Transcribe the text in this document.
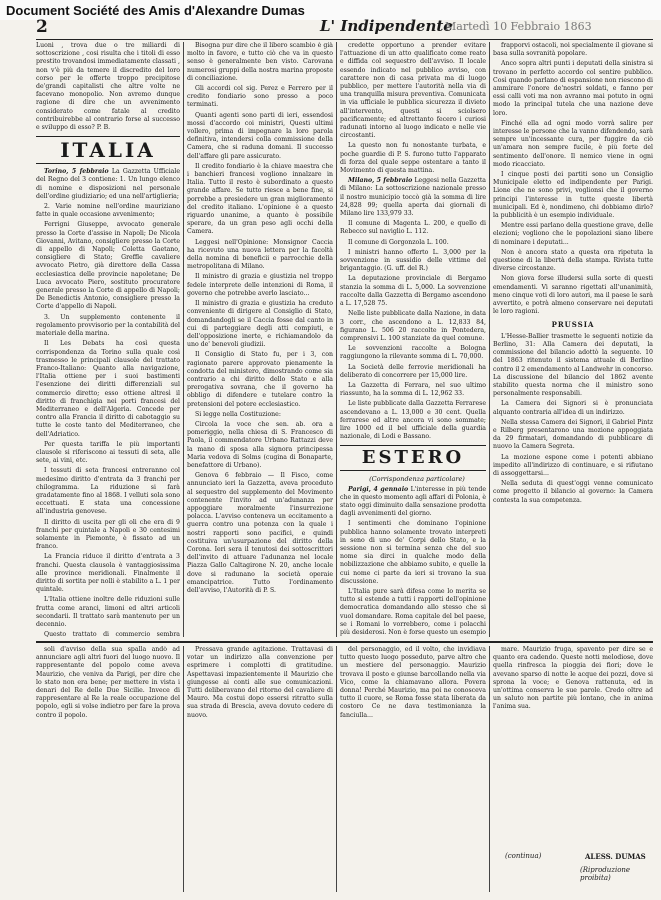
Document Société des Amis d'Alexandre Dumas
2	L' Indipendente
Martedì 10 Febbraio 1863

Luoni , trova due o tre miliardi di sottoscrizione , cosi risulta che i titoli di esso prestito trovandosi immediatamente classati , non v'è più da temere il discredito del loro corso per le offerte troppo precipitose de'grandi capitalisti che altre volte ne facevano monopolio. Non avremo dunque ragione di dire che un avvenimento considerato come fatale al credito contribuirebbe al contrario forse al successo e sviluppo di esso? P. B.

ITALIA

Torino, 5 febbraio La Gazzetta Ufficiale del Regno del 3 contiene: 1. Un lungo elenco di nomine e disposizioni nel personale dell'ordine giudiziario; ed una nell'artiglieria;

2. Varie nomine nell'ordine mauriziano fatte in quale occasione avvenimento;

Ferrigni Giuseppe, avvocato generale presso la Corte d'assise in Napoli; De Nicola Giovanni, Avitano, consigliere presso la Corte di appello di Napoli; Coletta Gaetano, consigliere di Stato; Greffle cavaliere avvocato Pietro, già direttore della Cassa ecclesiastica delle provincie napoletane; De Luca avvocato Piero, sostituto procuratore generale presso la Corte di appello di Napoli; De Benedictis Antonio, consigliere presso la Corte d'appello di Napoli.

3. Un supplemento contenente il regolamento provvisorio per la contabilità del materiale della marina.

Il Les Debats ha così questa corrispondenza da Torino sulla quale così trasmesso le principali clausole del trattato Franco-Italiano: Quanto alla navigazione, l'Italia ottiene per i suoi bastimenti l'esenzione dei diritti differenziali sul commercio diretto; esso ottiene altresì il diritto di franchigia nei porti francesi del Mediterraneo e dell'Algeria. Concede per contro alla Francia il diritto di cabotaggio su tutte le coste tanto del Mediterraneo, che dell'Adriatico.

Per questa tariffa le più importanti clausole si riferiscono ai tessuti di seta, alle sete, ai vini, etc.

I tessuti di seta francesi entreranno col medesimo diritto d'entrata da 3 franchi per chilogramma. La riduzione si farà gradatamente fino al 1868. I velluti sola sono eccettuati. E stata una concessione all'industria genovese.

Il diritto di uscita per gli oli che era di 9 franchi per quintale a Napoli e 30 centesimi solamente in Piemonte, è fissato ad un franco.

La Francia riduce il diritto d'entrata a 3 franchi. Questa clausola è vantaggiosissima alle province meridionali. Finalmente il diritto di sortita per nolli è stabilito a L. 1 per quintale.

L'Italia ottiene inoltre delle riduzioni sulle frutta come aranci, limoni ed altri articoli secondarii. Il trattato sarà mantenuto per un decennio.

Questo trattato di commercio sembra

Bisogna pur dire che il libero scambio è già molto in favore, e tutto ciò che va in questo senso è generalmente ben visto. Carovana numerosi gruppi della nostra marina proposte di conciliazione.

Gli accordi col sig. Perez e Ferrero per il credito fondiario sono presso a poco terminati.

Quanti agenti sono parti di ieri, essendosi mossi d'accordo coi ministri, Questi ultimi vollero, prima di impegnare la loro parola definitiva, intendersi colla commissione della Camera, che si raduna domani. Il successo dell'affare gli pare assicurato.

Il credito fondiario è la chiave maestra che i banchieri francesi vogliono innalzare in Italia. Tutto il resto è subordinato a questo grande affare. Se tutto riesce a bene fine, si porrebbe a presiedere un gran miglioramento del credito italiano. L'opinione è a questo riguardo unanime, a quanto è possibile sperare, da un gran peso agli occhi della Camera.

Leggesi nell'Opinione: Monsignor Caccia ha ricevuto una nuova lettera per la facoltà della nomina di beneficii e parrocchie della metropolitana di Milano.

Il ministro di grazia e giustizia nel troppo fedele interprete delle intenzioni di Roma, il governo che potrebbe averlo lasciato...

Il ministro di grazia e giustizia ha creduto conveniente di dirigere al Consiglio di Stato, domandandogli se il Caccia fosse dal canto in cui di parteggiare degli atti compiuti, e dell'opposizione inerte, e richiamandolo da uno de' benevoli giudizii.

Il Consiglio di Stato fu, per i 3, con ragionato parere approvato pienamente la condotta del ministero, dimostrando come sia contrario a chi diritto dello Stato e alla prerogativa sovrana, che il governo ha obbligo di difendere e tutelare contro la pretensioni del potere ecclesiastico.

Si legge nella Costituzione:

Circola la voce che sen. ab. ora a pomeriggio, nella chiesa di S. Francesco di Paola, il commendatore Urbano Rattazzi deve la mano di sposa alla signora principessa Maria vedova di Solms (cugina di Bonaparte, benefattore di Urbano).

Genova 6 febbraio — Il Fisco, come annunciato ieri la Gazzetta, aveva proceduto al sequestro del supplemento del Movimento contenente l'invito ad un'adunanza per appoggiare moralmente l'insurrezione polacca. L'avviso conteneva un eccitamento a guerra contro una potenza con la quale i nostri rapporti sono pacifici, e quindi costituiva un'usurpazione del diritto della Corona. Ieri sera il tenutosi dei sottoscrittori dell'invito di attuare l'adunanza nel locale Piazza Gallo Caltagirone N. 20, anche locale dove si radunano la società operaie emancipatrice. Tutto l'ordinamento dell'avviso, l'Autorità di P. S.

credette opportuno a prender evitare l'attuazione di un atto qualificato come reato e diffida col sequestro dell'avviso. Il locale essendo indicato nel pubblico avviso, con carattere non di casa privata ma di luogo pubblico, per mettere l'autorità nella via di una tranquilla misura preventiva. Comunicata in via ufficiale le pubblica sicurezza il divieto all'intervento, questi si sciolsero pacificamente; ed altrettanto fecero i curiosi radunati intorno al luogo indicato e nelle vie circostanti.

La questo non fu nonostante turbata, e poche guardie di P. S. furono tutto l'apparato di forza del quale seppe ostentare a tanto il Movimento di questa mattina.

Milano, 5 febbraio Leggesi nella Gazzetta di Milano: La sottoscrizione nazionale presso il nostro municipio toccò già la somma di lire 24,828 99; quella aperta dai giornali di Milano lire 133,979 33.

Il comune di Magenta L. 200, e quello di Rebecco sul naviglio L. 112.

Il comune di Gorgonzola L. 100.

I ministri hanno offerto L. 3,000 per la sovvenzione in sussidio delle vittime del brigantaggio. (G. uff. del R.)

La deputazione provinciale di Bergamo stanzia la somma di L. 5,000. La sovvenzione raccolte dalla Gazzetta di Bergamo ascendono a L. 17,528 75.

Nelle liste pubblicate dalla Nazione, in data 3 corr., che ascendono a L. 12,833 84, figurano L. 506 20 raccolte in Pontedera, comprensivi L. 100 stanziate da quel comune.

Le sovvenzioni raccolte a Bologna raggiungono la rilevante somma di L. 70,000.

La Società delle ferrovie meridionali ha deliberato di concorrere per 15,000 lire.

La Gazzetta di Ferrara, nel suo ultimo riassunto, ha la somma di L. 12,962 33.

Le liste pubblicate dalla Gazzetta Ferrarese ascendevano a L. 13,000 e 30 cent. Quella ferrarese ed altre ancora vi sono sommate; lire 1000 ed il bel ufficiale della guardia nazionale, di Lodi e Bassano.

ESTERO

(Corrispondenza particolare)

Parigi, 4 gennaio L'interesse in più tende che in questo momento agli affari di Polonia, è stato oggi diminuito dalla sensazione prodotta dagli avvenimenti del giorno.

I sentimenti che dominano l'opinione pubblica hanno solamente trovato interpreti in seno di uno de' Corpi dello Stato, e la sessione non si termina senza che del suo nome sia dirci in qualche modo della nobilizzazione che abbiamo subito, e quelle la cui nome ci parte da ieri si trovano la sua discussione.

L'Italia pure sarà difesa come lo merita se tutto si estende a tutti i rapporti dell'opinione democratica domandando allo stesso che si vuol domandare. Roma capitale del bel paese, se i Romani lo vorrebbero, come i polacchi più desiderosi. Non è forse questo un esempio

frapporvi ostacoli, noi specialmente il giovane si basa sulla sovranità popolare.

Anco sopra altri punti i deputati della sinistra si trovano in perfetto accordo col sentire pubblico. Così quando parlano di espansione non riescono di ammirare l'onore de'nostri soldati, e fanno per essi calli voti ma non avranno mai potuto in ogni modo la principal tutela che una nazione deve loro.

Finché ella ad ogni modo vorrà salire per interesse le persone che la vanno difendendo, sarà sempre un'incessante cura, per fuggire da ciò un'amara non sempre fucile, è più forte del sentimento dell'onore. Il nemico viene in ogni modo ricacciato.

I cinque posti dei partiti sono un Consiglio Municipale eletto ed indipendente per Parigi. Lione che ne sono privi, voglionsi che il governo principi l'interesse in tutte queste libertà municipali. Ed è, nondimeno, chi dobbiamo dirlo? la pubblicità è un esempio individuale.

Mentre essi parlano della questione grave, delle elezioni; vogliono che le popolazioni siano libere di nominare i deputati...

Non è ancora stato a questa ora ripetuta la questione di la libertà della stampa. Rivista tutte diverse circostanze.

Non giova forse illudersi sulla sorte di questi emendamenti. Vi saranno rigettati all'unanimità, meno cinque voti di loro autori, ma il paese le sarà avvertito, e potrà almeno conservare nei deputati le loro ragioni.

PRUSSIA

L'Hesse-Ballier trasmette le seguenti notizie da Berlino, 31: Alla Camera dei deputati, la commissione del bilancio adottò la seguente. 10 del 1863 ritenuto il sistema attuale di Berlino contro il 2 emendamento al Landwehr in concorso. La discussione del bilancio del 1862 avente stabilito questa norma che il ministro sono personalmente responsabili.

La Camera dei Signori si è pronunciata alquanto contraria all'idea di un indirizzo.

Nella stessa Camera dei Signori, il Gabriel Pintz e Rilberg presentarono una mozione appoggiata da 29 firmatari, domandando di pubblicare di nuovo la Camera Segreta.

La mozione espone come i potenti abbiano impedito all'indirizzo di continuare, e si rifiutano di assoggettarsi...

Nella seduta di quest'oggi venne comunicato come progetto il bilancio al governo: la Camera contesta la sua competenza.

soli d'avviso della sua spalla andò ad annunciare agli altri fuori del luogo nuovo. Il rappresentante del popolo come aveva Maurizio, che veniva da Parigi, per dire che lo stato non era bene; per mettere in vista i denari del Re delle Due Sicilie. Invece di rappresentare al Re la reale occupazione del popolo, egli si volse indietro per fare la prova contro il popolo.

Pressava grande agitazione. Trattavasi di votar un indirizzo alla convenzione per esprimere i complotti di gratitudine. Aspettavasi impazientemente il Maurizio che giungesse ai conti alle sue comunicazioni. Tutti deliberavano del ritorno del cavaliere di Mauro. Ma costui dopo essersi ritratto sulla sua strada di Brescia, aveva dovuto cedere di nuovo.

del personaggio, ed il volto, che invidiava tutto questo luogo posseduto, parve altro che un mestiere del personaggio. Maurizio trovava il posto e giunse barcollando nella via Vico, come la chiamavano allora. Povera donna! Perché Maurizio, ma poi ne conosceva tutto il cuore, se Roma fosse stata liberata da costoro Ce ne dava testimonianza la fanciulla...

mare. Maurizio fruga, spavento per dire se e quanto era cadendo. Queste notti melodiose, dove quella rinfresca la pioggia dei fiori; dove le avevano sparso di notte le acque dei pozzi, dove si sprona la voce; e Genova rattenuta, ed in un'ottima conserva le sue parole. Credo oltre ad un saluto non partite più lontano, che in anima l'anima sua.

(continua)	ALESS. DUMAS
(Riproduzione proibita)
